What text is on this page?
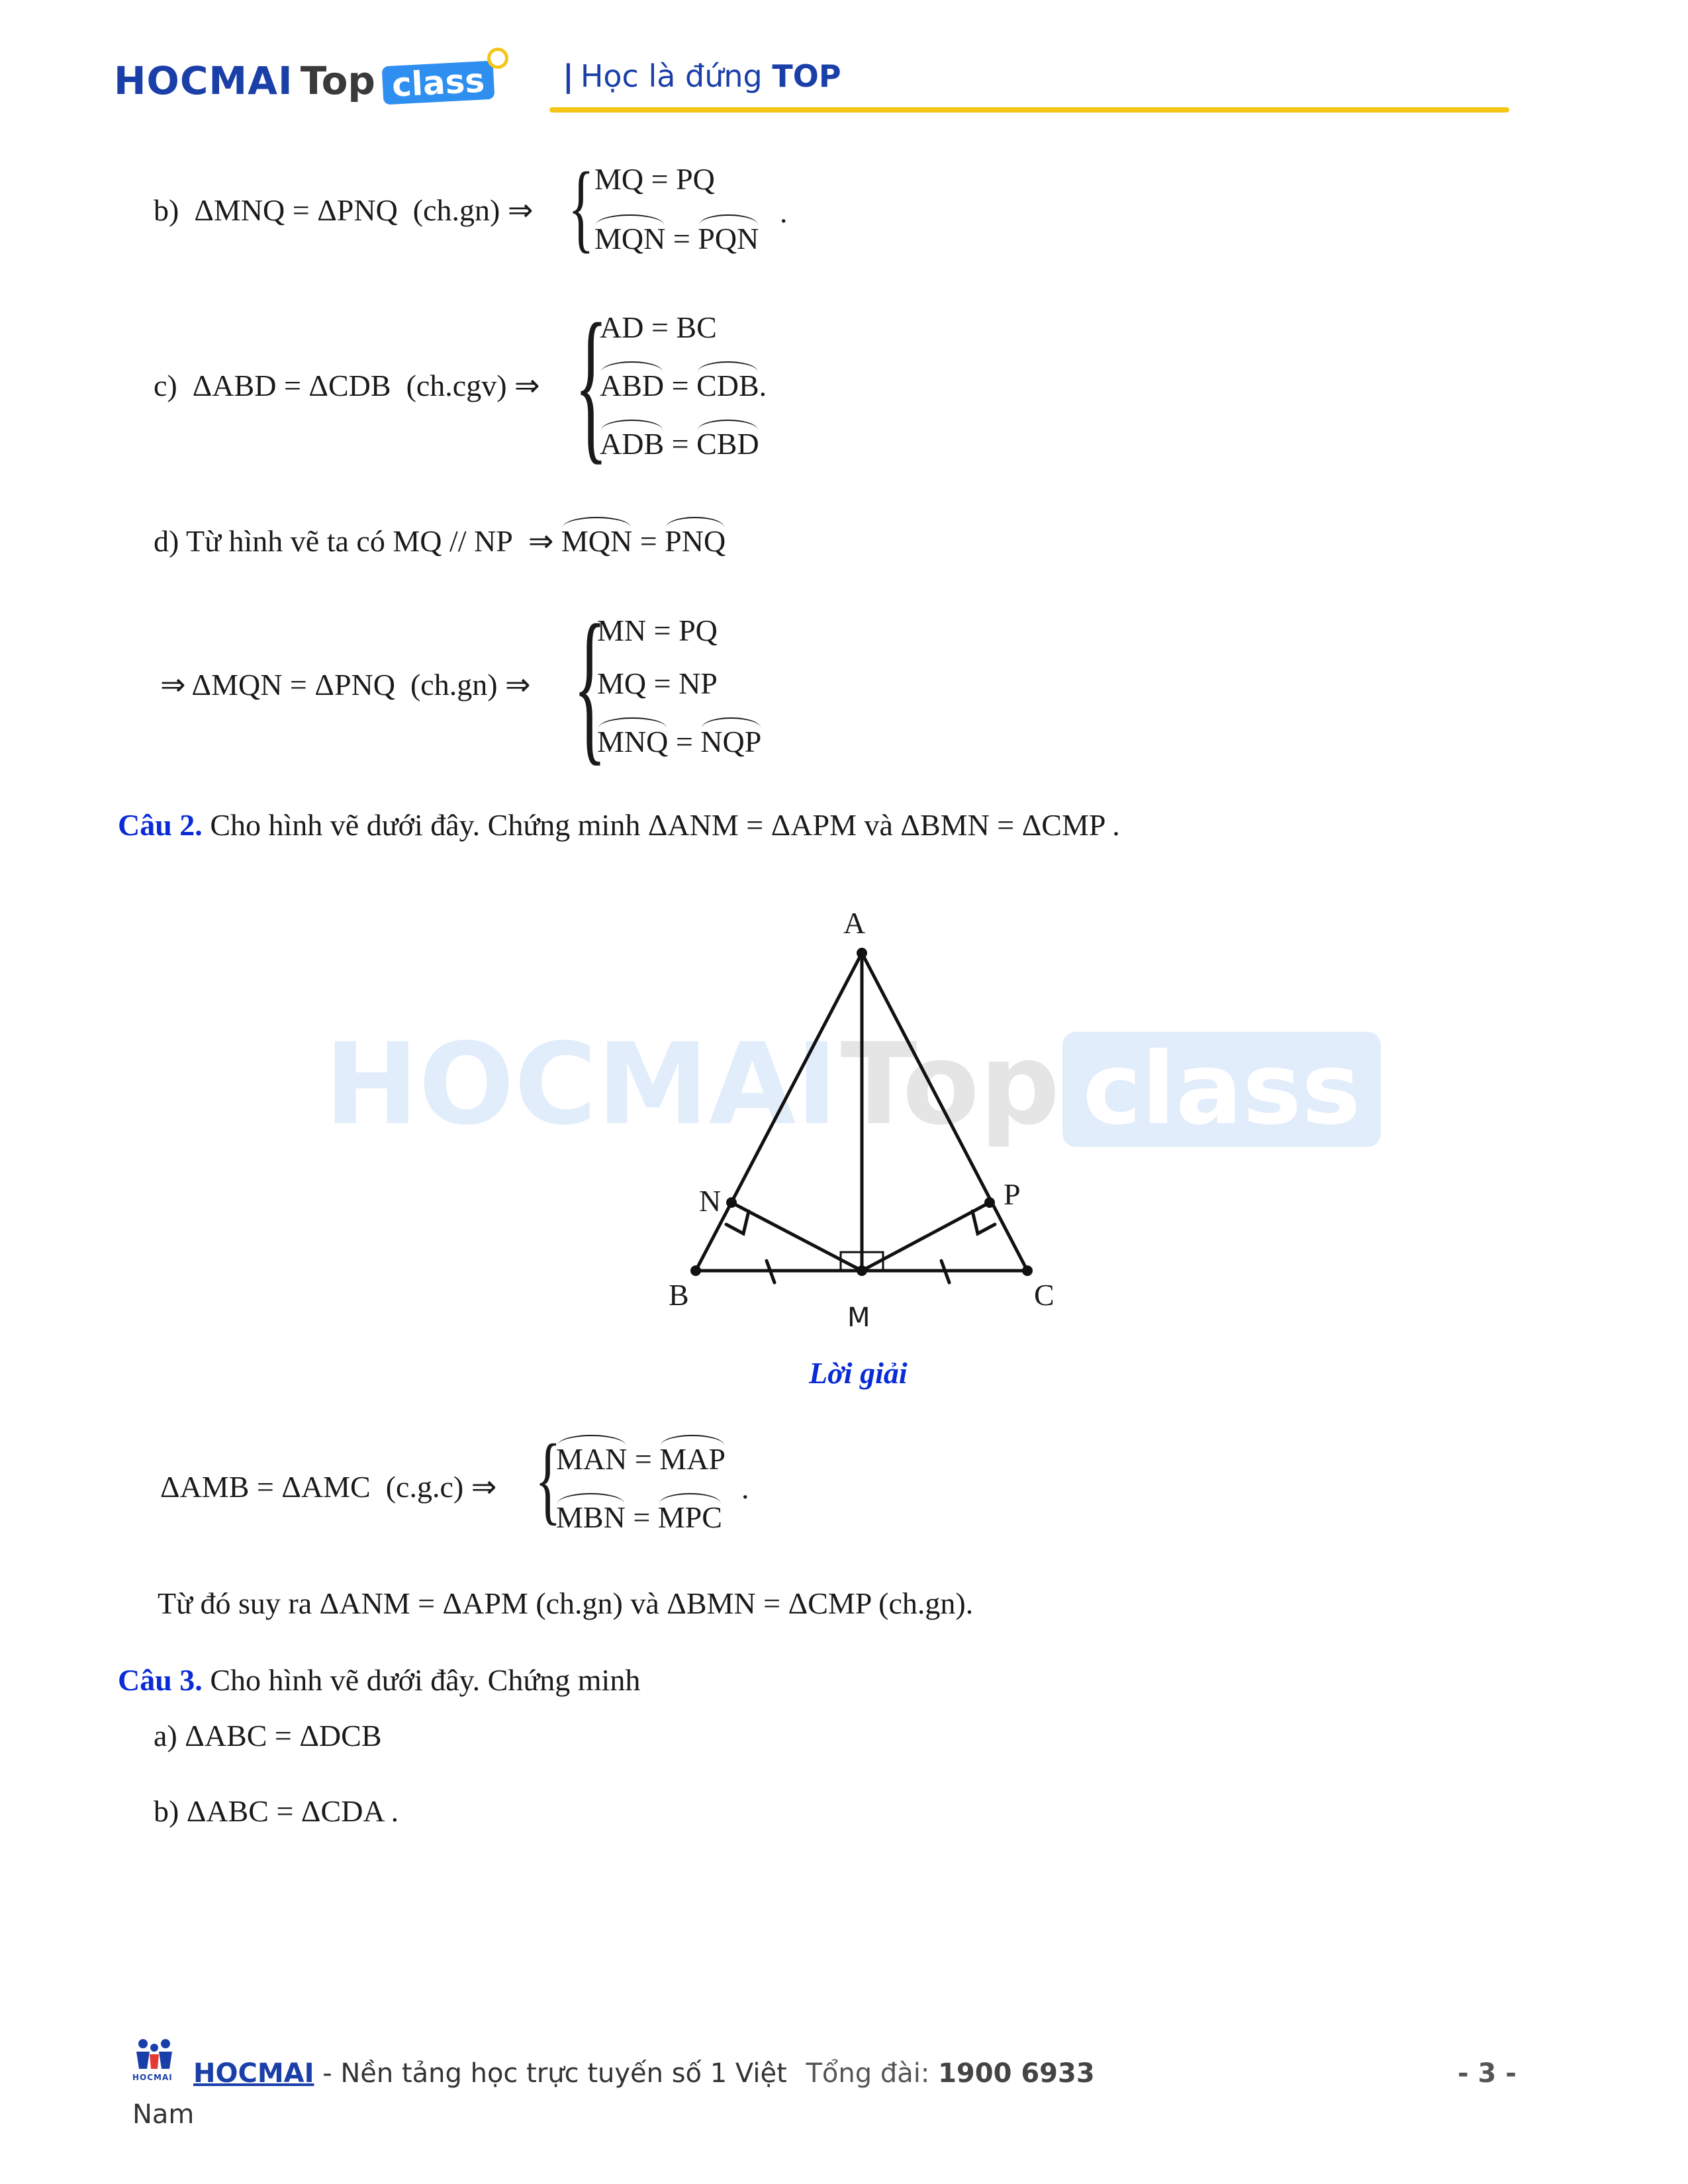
HOCMAI Top class	| Học là đứng TOP
b) ΔMNQ = ΔPNQ (ch.gn) ⇒ { MQ = PQ
MQN = PQN
.
c) ΔABD = ΔCDB (ch.cgv) ⇒ {
AD = BC
ABD = CDB.
ADB = CBD
d) Từ hình vẽ ta có MQ // NP ⇒ MQN = PNQ
⇒ ΔMQN = ΔPNQ (ch.gn) ⇒ {
MN = PQ
MQ = NP
MNQ = NQP
Câu 2. Cho hình vẽ dưới đây. Chứng minh ΔANM = ΔAPM và ΔBMN = ΔCMP .
HOCMAI Top class
A
B	C
M
N	P
Lời giải
ΔAMB = ΔAMC (c.g.c) ⇒ {
MAN = MAP
MBN = MPC
.
Từ đó suy ra ΔANM = ΔAPM (ch.gn) và ΔBMN = ΔCMP (ch.gn).
Câu 3. Cho hình vẽ dưới đây. Chứng minh
a) ΔABC = ΔDCB
b) ΔABC = ΔCDA .
HOCMAI HOCMAI - Nền tảng học trực tuyến số 1 Việt Tổng đài: 1900 6933
Nam
- 3 -
